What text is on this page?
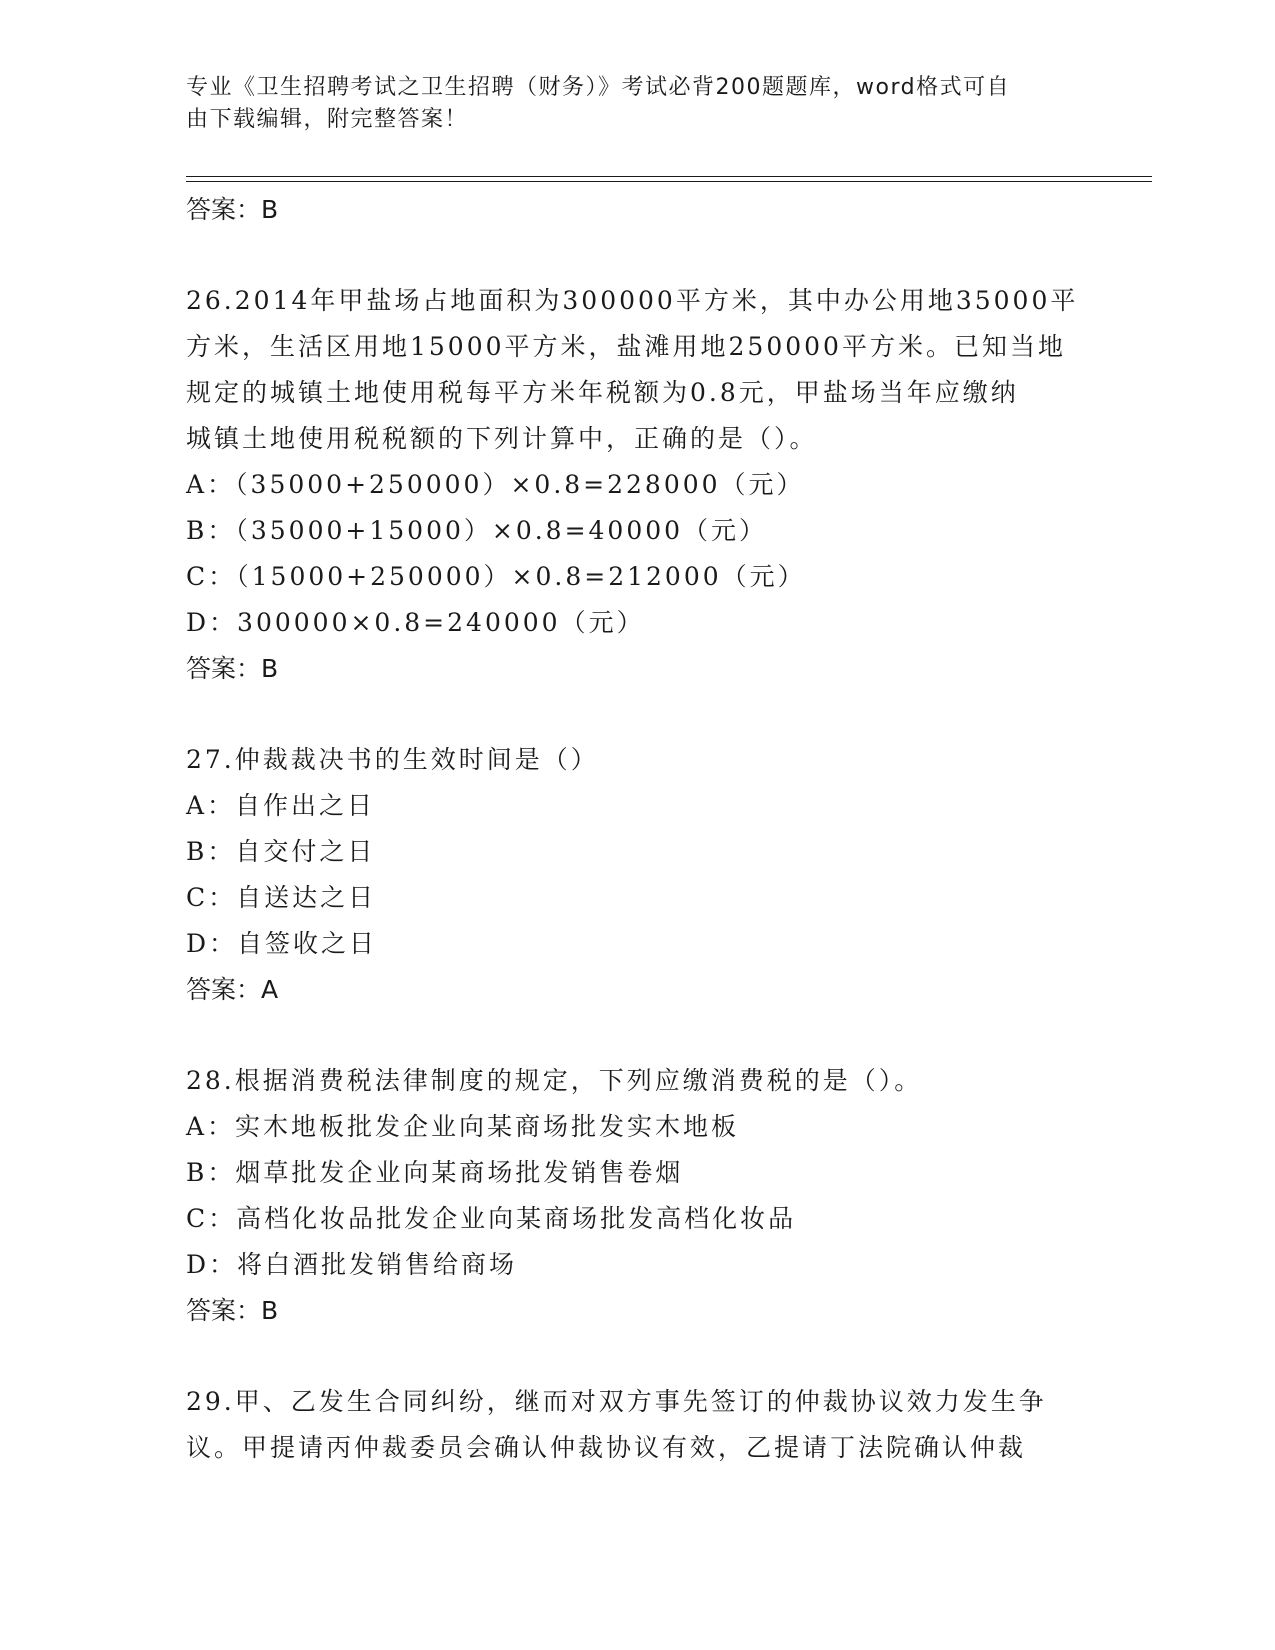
专业《卫生招聘考试之卫生招聘（财务）》考试必背200题题库，word格式可自
由下载编辑，附完整答案！
答案：B
26.2014年甲盐场占地面积为300000平方米，其中办公用地35000平
方米，生活区用地15000平方米，盐滩用地250000平方米。已知当地
规定的城镇土地使用税每平方米年税额为0.8元，甲盐场当年应缴纳
城镇土地使用税税额的下列计算中，正确的是（）。
A：（35000+250000）×0.8=228000（元）
B：（35000+15000）×0.8=40000（元）
C：（15000+250000）×0.8=212000（元）
D：300000×0.8=240000（元）
答案：B
27.仲裁裁决书的生效时间是（）
A：自作出之日
B：自交付之日
C：自送达之日
D：自签收之日
答案：A
28.根据消费税法律制度的规定，下列应缴消费税的是（）。
A：实木地板批发企业向某商场批发实木地板
B：烟草批发企业向某商场批发销售卷烟
C：高档化妆品批发企业向某商场批发高档化妆品
D：将白酒批发销售给商场
答案：B
29.甲、乙发生合同纠纷，继而对双方事先签订的仲裁协议效力发生争
议。甲提请丙仲裁委员会确认仲裁协议有效，乙提请丁法院确认仲裁
